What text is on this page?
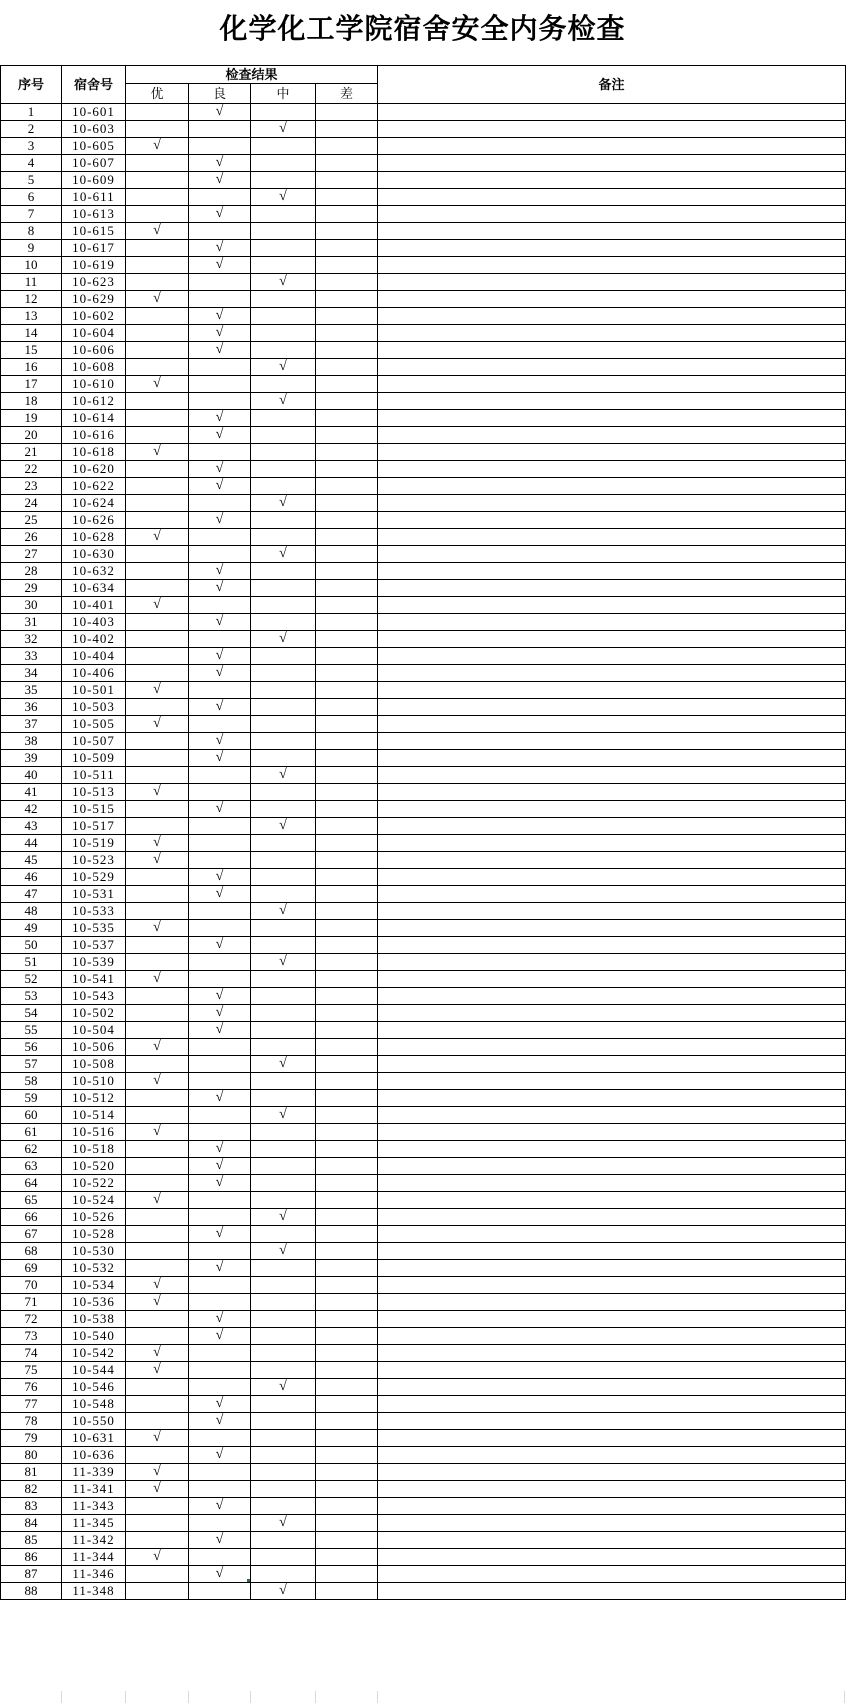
化学化工学院宿舍安全内务检查
序号	宿舍号	检查结果				备注
		优	良	中	差	
1	10-601		√			
2	10-603			√		
3	10-605	√				
4	10-607		√			
5	10-609		√			
6	10-611			√		
7	10-613		√			
8	10-615	√				
9	10-617		√			
10	10-619		√			
11	10-623			√		
12	10-629	√				
13	10-602		√			
14	10-604		√			
15	10-606		√			
16	10-608			√		
17	10-610	√				
18	10-612			√		
19	10-614		√			
20	10-616		√			
21	10-618	√				
22	10-620		√			
23	10-622		√			
24	10-624			√		
25	10-626		√			
26	10-628	√				
27	10-630			√		
28	10-632		√			
29	10-634		√			
30	10-401	√				
31	10-403		√			
32	10-402			√		
33	10-404		√			
34	10-406		√			
35	10-501	√				
36	10-503		√			
37	10-505	√				
38	10-507		√			
39	10-509		√			
40	10-511			√		
41	10-513	√				
42	10-515		√			
43	10-517			√		
44	10-519	√				
45	10-523	√				
46	10-529		√			
47	10-531		√			
48	10-533			√		
49	10-535	√				
50	10-537		√			
51	10-539			√		
52	10-541	√				
53	10-543		√			
54	10-502		√			
55	10-504		√			
56	10-506	√				
57	10-508			√		
58	10-510	√				
59	10-512		√			
60	10-514			√		
61	10-516	√				
62	10-518		√			
63	10-520		√			
64	10-522		√			
65	10-524	√				
66	10-526			√		
67	10-528		√			
68	10-530			√		
69	10-532		√			
70	10-534	√				
71	10-536	√				
72	10-538		√			
73	10-540		√			
74	10-542	√				
75	10-544	√				
76	10-546			√		
77	10-548		√			
78	10-550		√			
79	10-631	√				
80	10-636		√			
81	11-339	√				
82	11-341	√				
83	11-343		√			
84	11-345			√		
85	11-342		√			
86	11-344	√				
87	11-346		√

88	11-348			√		
